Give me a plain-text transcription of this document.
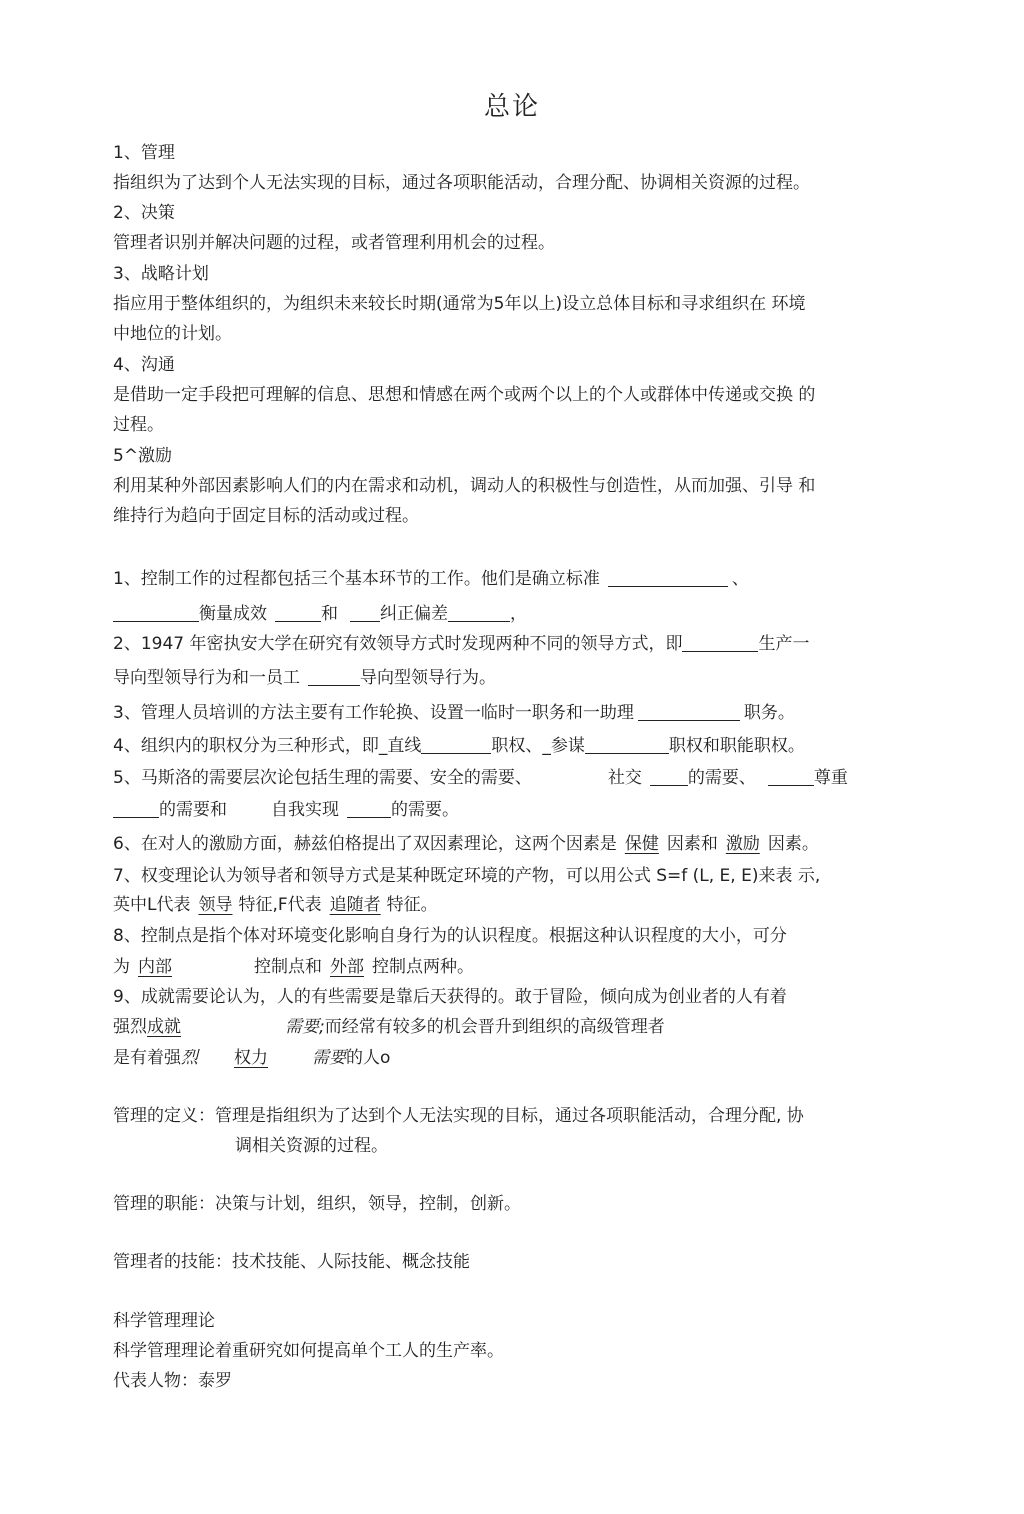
总论
1、管理
指组织为了达到个人无法实现的目标，通过各项职能活动，合理分配、协调相关资源的过程。
2、决策
管理者识别并解决问题的过程，或者管理利用机会的过程。
3、战略计划
指应用于整体组织的，为组织未来较长时期(通常为5年以上)设立总体目标和寻求组织在 环境
中地位的计划。
4、沟通
是借助一定手段把可理解的信息、思想和情感在两个或两个以上的个人或群体中传递或交换 的
过程。
5^激励
利用某种外部因素影响人们的内在需求和动机，调动人的积极性与创造性，从而加强、引导 和
维持行为趋向于固定目标的活动或过程。
1、控制工作的过程都包括三个基本环节的工作。他们是确立标准	、
衡量成效	和 纠正偏差	，
2、1947 年密执安大学在研究有效领导方式时发现两种不同的领导方式，即	生产一
导向型领导行为和一员工	导向型领导行为。
3、管理人员培训的方法主要有工作轮换、设置一临时一职务和一助理	职务。
4、组织内的职权分为三种形式，即_直线	职权、_参谋	职权和职能职权。
5、马斯洛的需要层次论包括生理的需要、安全的需要、	社交	的需要、	尊重
的需要和	自我实现	的需要。
6、在对人的激励方面，赫兹伯格提出了双因素理论，这两个因素是 保健 因素和 激励 因素。
7、权变理论认为领导者和领导方式是某种既定环境的产物，可以用公式 S=f (L, E, E)来表 示,
英中L代表 领导 特征,F代表 追随者 特征。
8、控制点是指个体对环境变化影响自身行为的认识程度。根据这种认识程度的大小，可分
为 内部	控制点和 外部 控制点两种。
9、成就需要论认为，人的有些需要是靠后天获得的。敢于冒险，倾向成为创业者的人有着
强烈成就	需要;而经常有较多的机会晋升到组织的高级管理者
是有着强烈 权力	需要的人o
管理的定义：管理是指组织为了达到个人无法实现的目标，通过各项职能活动，合理分配, 协
调相关资源的过程。
管理的职能：决策与计划，组织，领导，控制，创新。
管理者的技能：技术技能、人际技能、概念技能
科学管理理论
科学管理理论着重研究如何提高单个工人的生产率。
代表人物：泰罗
